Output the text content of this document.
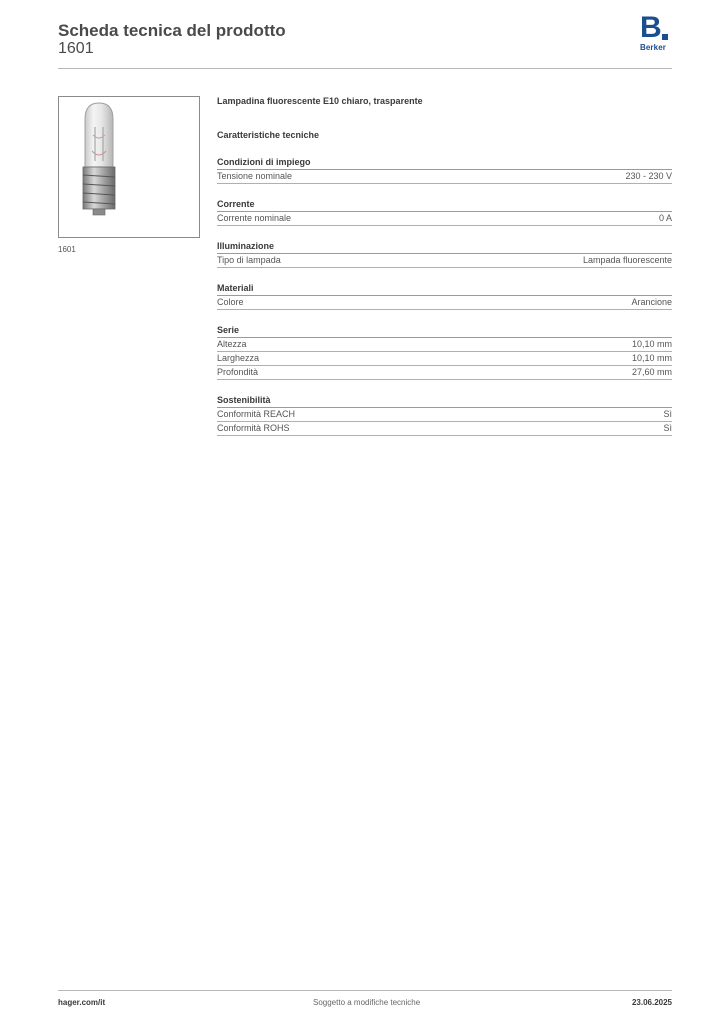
Scheda tecnica del prodotto
1601
B
Berker
1601
Lampadina fluorescente E10 chiaro, trasparente
Caratteristiche tecniche
Condizioni di impiego
Tensione nominale	230 - 230 V
Corrente
Corrente nominale	0 A
Illuminazione
Tipo di lampada	Lampada fluorescente
Materiali
Colore	Arancione
Serie
Altezza	10,10 mm
Larghezza	10,10 mm
Profondità	27,60 mm
Sostenibilità
Conformità REACH	Sì
Conformità ROHS	Sì
hager.com/it	Soggetto a modifiche tecniche	23.06.2025
